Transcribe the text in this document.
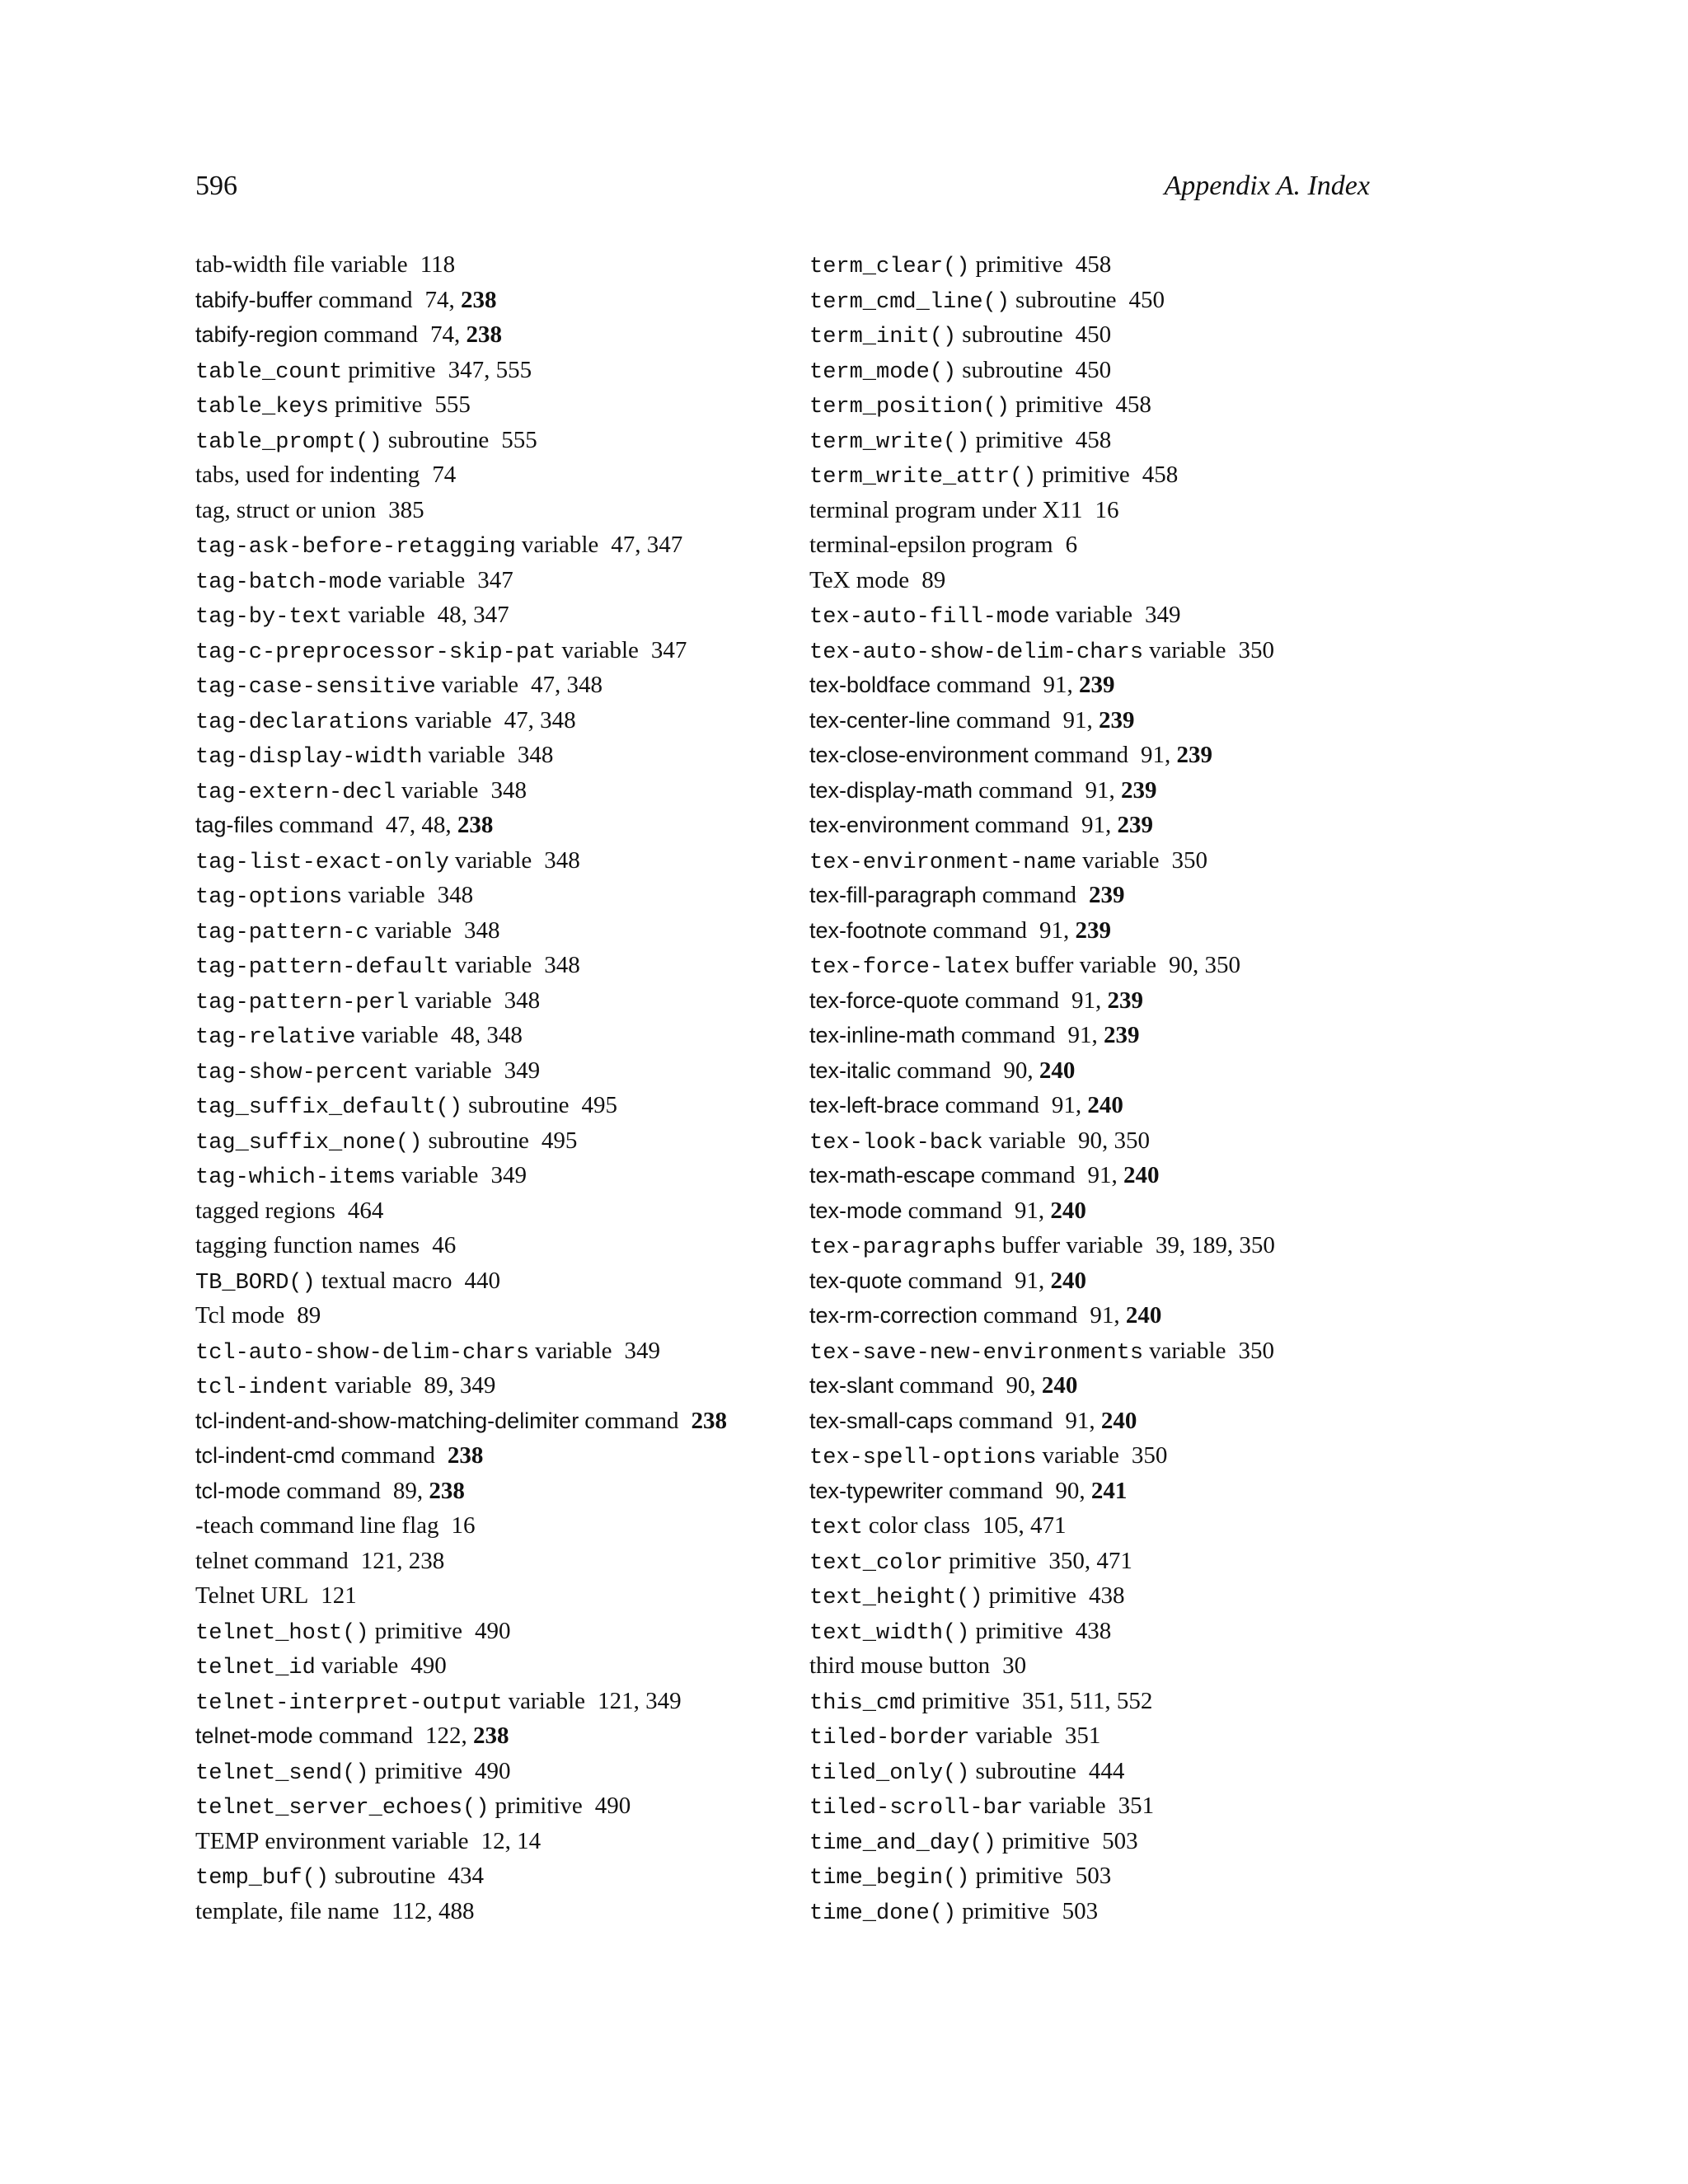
596	Appendix A. Index
tab-width file variable 118
tabify-buffer command 74, 238
tabify-region command 74, 238
table_count primitive 347, 555
table_keys primitive 555
table_prompt() subroutine 555
tabs, used for indenting 74
tag, struct or union 385
tag-ask-before-retagging variable 47, 347
tag-batch-mode variable 347
tag-by-text variable 48, 347
tag-c-preprocessor-skip-pat variable 347
tag-case-sensitive variable 47, 348
tag-declarations variable 47, 348
tag-display-width variable 348
tag-extern-decl variable 348
tag-files command 47, 48, 238
tag-list-exact-only variable 348
tag-options variable 348
tag-pattern-c variable 348
tag-pattern-default variable 348
tag-pattern-perl variable 348
tag-relative variable 48, 348
tag-show-percent variable 349
tag_suffix_default() subroutine 495
tag_suffix_none() subroutine 495
tag-which-items variable 349
tagged regions 464
tagging function names 46
TB_BORD() textual macro 440
Tcl mode 89
tcl-auto-show-delim-chars variable 349
tcl-indent variable 89, 349
tcl-indent-and-show-matching-delimiter command 238
tcl-indent-cmd command 238
tcl-mode command 89, 238
-teach command line flag 16
telnet command 121, 238
Telnet URL 121
telnet_host() primitive 490
telnet_id variable 490
telnet-interpret-output variable 121, 349
telnet-mode command 122, 238
telnet_send() primitive 490
telnet_server_echoes() primitive 490
TEMP environment variable 12, 14
temp_buf() subroutine 434
template, file name 112, 488
term_clear() primitive 458
term_cmd_line() subroutine 450
term_init() subroutine 450
term_mode() subroutine 450
term_position() primitive 458
term_write() primitive 458
term_write_attr() primitive 458
terminal program under X11 16
terminal-epsilon program 6
TeX mode 89
tex-auto-fill-mode variable 349
tex-auto-show-delim-chars variable 350
tex-boldface command 91, 239
tex-center-line command 91, 239
tex-close-environment command 91, 239
tex-display-math command 91, 239
tex-environment command 91, 239
tex-environment-name variable 350
tex-fill-paragraph command 239
tex-footnote command 91, 239
tex-force-latex buffer variable 90, 350
tex-force-quote command 91, 239
tex-inline-math command 91, 239
tex-italic command 90, 240
tex-left-brace command 91, 240
tex-look-back variable 90, 350
tex-math-escape command 91, 240
tex-mode command 91, 240
tex-paragraphs buffer variable 39, 189, 350
tex-quote command 91, 240
tex-rm-correction command 91, 240
tex-save-new-environments variable 350
tex-slant command 90, 240
tex-small-caps command 91, 240
tex-spell-options variable 350
tex-typewriter command 90, 241
text color class 105, 471
text_color primitive 350, 471
text_height() primitive 438
text_width() primitive 438
third mouse button 30
this_cmd primitive 351, 511, 552
tiled-border variable 351
tiled_only() subroutine 444
tiled-scroll-bar variable 351
time_and_day() primitive 503
time_begin() primitive 503
time_done() primitive 503
